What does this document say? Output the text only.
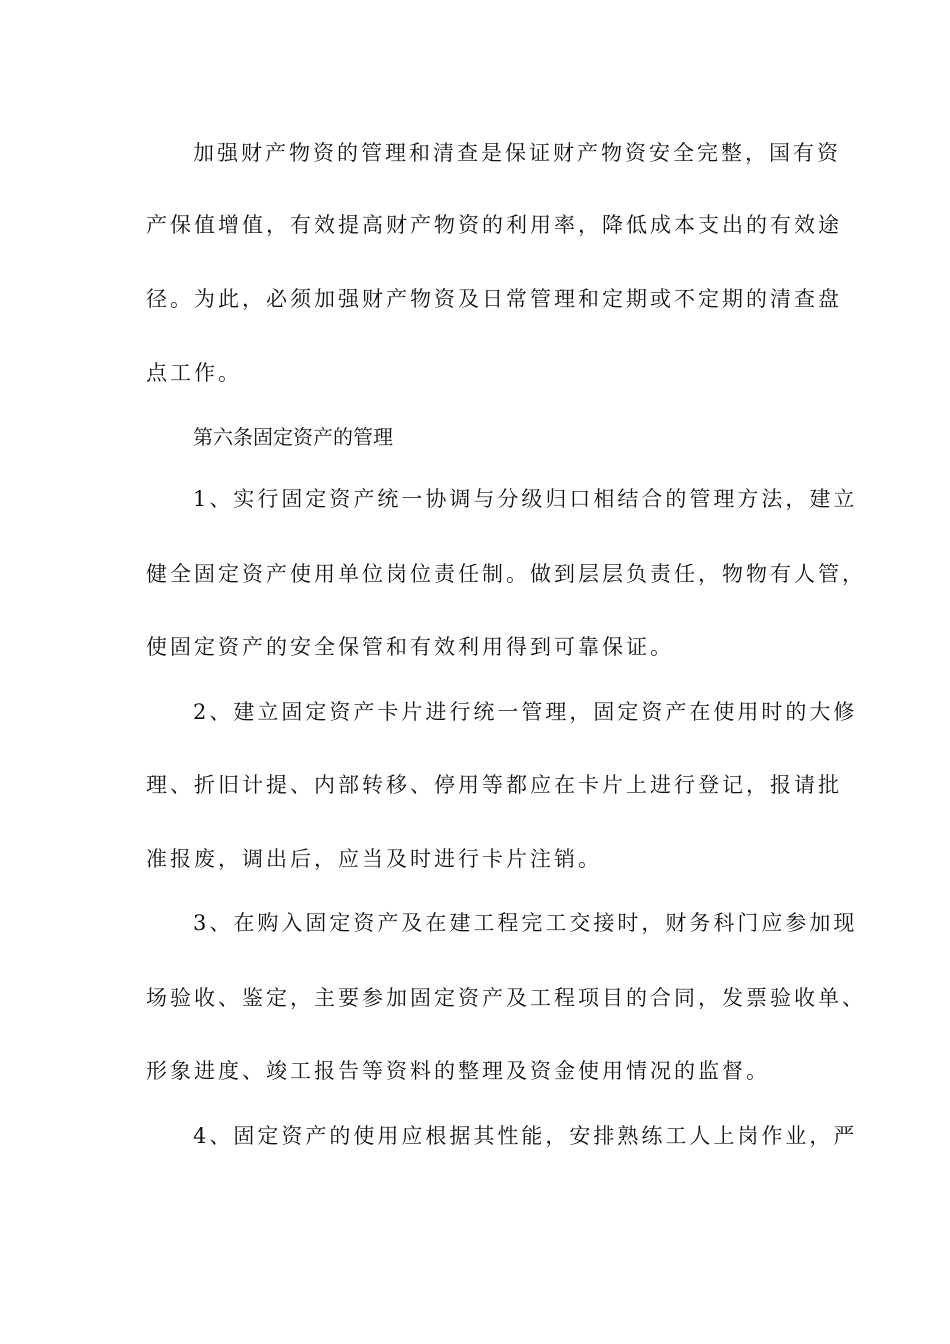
加强财产物资的管理和清查是保证财产物资安全完整，国有资
产保值增值，有效提高财产物资的利用率，降低成本支出的有效途
径。为此，必须加强财产物资及日常管理和定期或不定期的清查盘
点工作。
第六条固定资产的管理
1、实行固定资产统一协调与分级归口相结合的管理方法，建立
健全固定资产使用单位岗位责任制。做到层层负责任，物物有人管，
使固定资产的安全保管和有效利用得到可靠保证。
2、建立固定资产卡片进行统一管理，固定资产在使用时的大修
理、折旧计提、内部转移、停用等都应在卡片上进行登记，报请批
准报废，调出后，应当及时进行卡片注销。
3、在购入固定资产及在建工程完工交接时，财务科门应参加现
场验收、鉴定，主要参加固定资产及工程项目的合同，发票验收单、
形象进度、竣工报告等资料的整理及资金使用情况的监督。
4、固定资产的使用应根据其性能，安排熟练工人上岗作业，严
